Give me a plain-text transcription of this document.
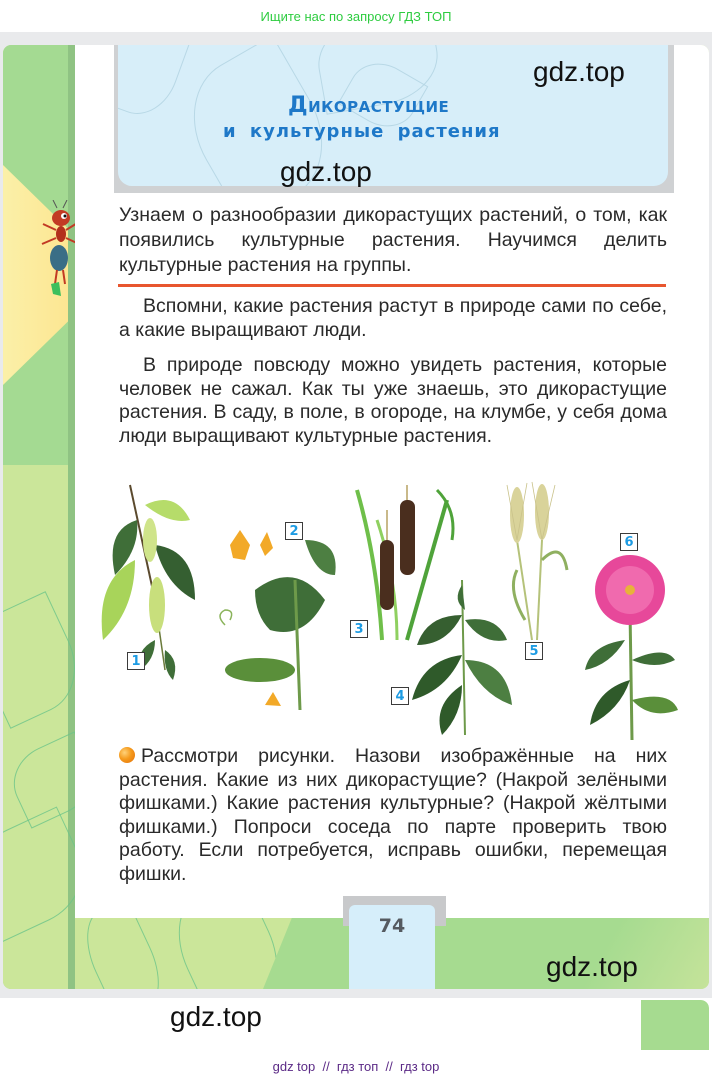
Ищите нас по запросу ГДЗ ТОП
Дикорастущие
и культурные растения
gdz.top
gdz.top
Узнаем о разнообразии дикорастущих растений, о том, как появились культурные растения. Научимся делить культурные растения на группы.
Вспомни, какие растения растут в природе сами по себе, а какие выращивают люди.
В природе повсюду можно увидеть растения, которые человек не сажал. Как ты уже знаешь, это дикорастущие растения. В саду, в поле, в огороде, на клумбе, у себя дома люди выращивают культурные растения.
1
2
3
4
5
6
Рассмотри рисунки. Назови изображённые на них растения. Какие из них дикорастущие? (Накрой зелёными фишками.) Какие растения культурные? (Накрой жёлтыми фишками.) Попроси соседа по парте проверить твою работу. Если потребуется, исправь ошибки, перемещая фишки.
74
gdz.top
gdz.top
gdz top  //  гдз топ  //  гдз top
